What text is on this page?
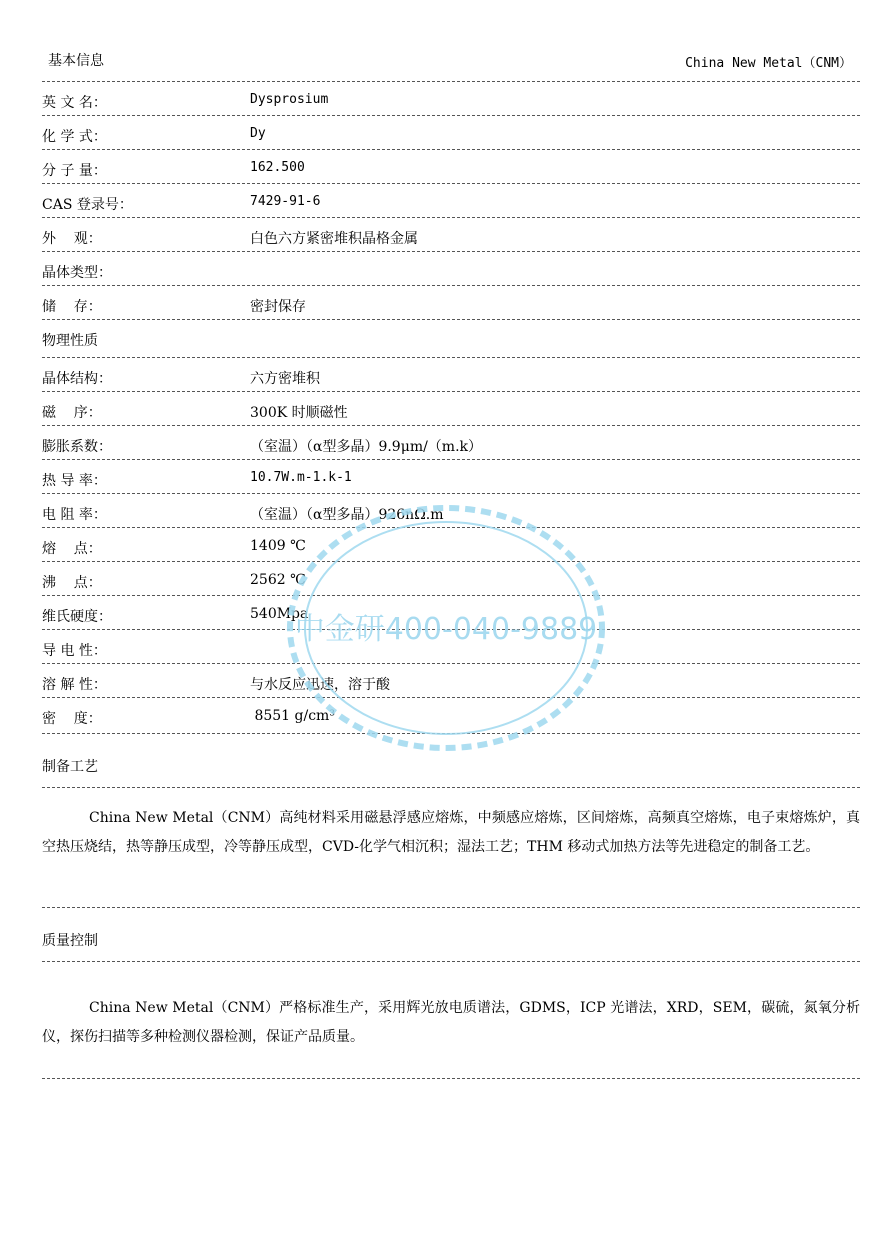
基本信息	China New Metal（CNM）
英 文 名：	Dysprosium
化 学 式：	Dy
分 子 量：	162.500
CAS 登录号：	7429-91-6
外    观：	白色六方紧密堆积晶格金属
晶体类型：
储    存：	密封保存
物理性质
晶体结构：	六方密堆积
磁    序：	300K 时顺磁性
膨胀系数：	（室温）（α型多晶）9.9μm/（m.k）
热 导 率：	10.7W.m-1.k-1
电 阻 率：	（室温）（α型多晶）926nΩ.m
熔    点：	1409 ℃
沸    点：	2562 ℃
维氏硬度：	540Mpa
导 电 性：
溶 解 性：	与水反应迅速，溶于酸
密    度：	8551 g/cm³
制备工艺

China New Metal（CNM）高纯材料采用磁悬浮感应熔炼，中频感应熔炼，区间熔炼，高频真空熔炼，电子束熔炼炉，真空热压烧结，热等静压成型，冷等静压成型，CVD-化学气相沉积；湿法工艺；THM 移动式加热方法等先进稳定的制备工艺。

质量控制

China New Metal（CNM）严格标准生产，采用辉光放电质谱法，GDMS，ICP 光谱法，XRD，SEM，碳硫，氮氧分析仪，探伤扫描等多种检测仪器检测，保证产品质量。

中金研400-040-9889
